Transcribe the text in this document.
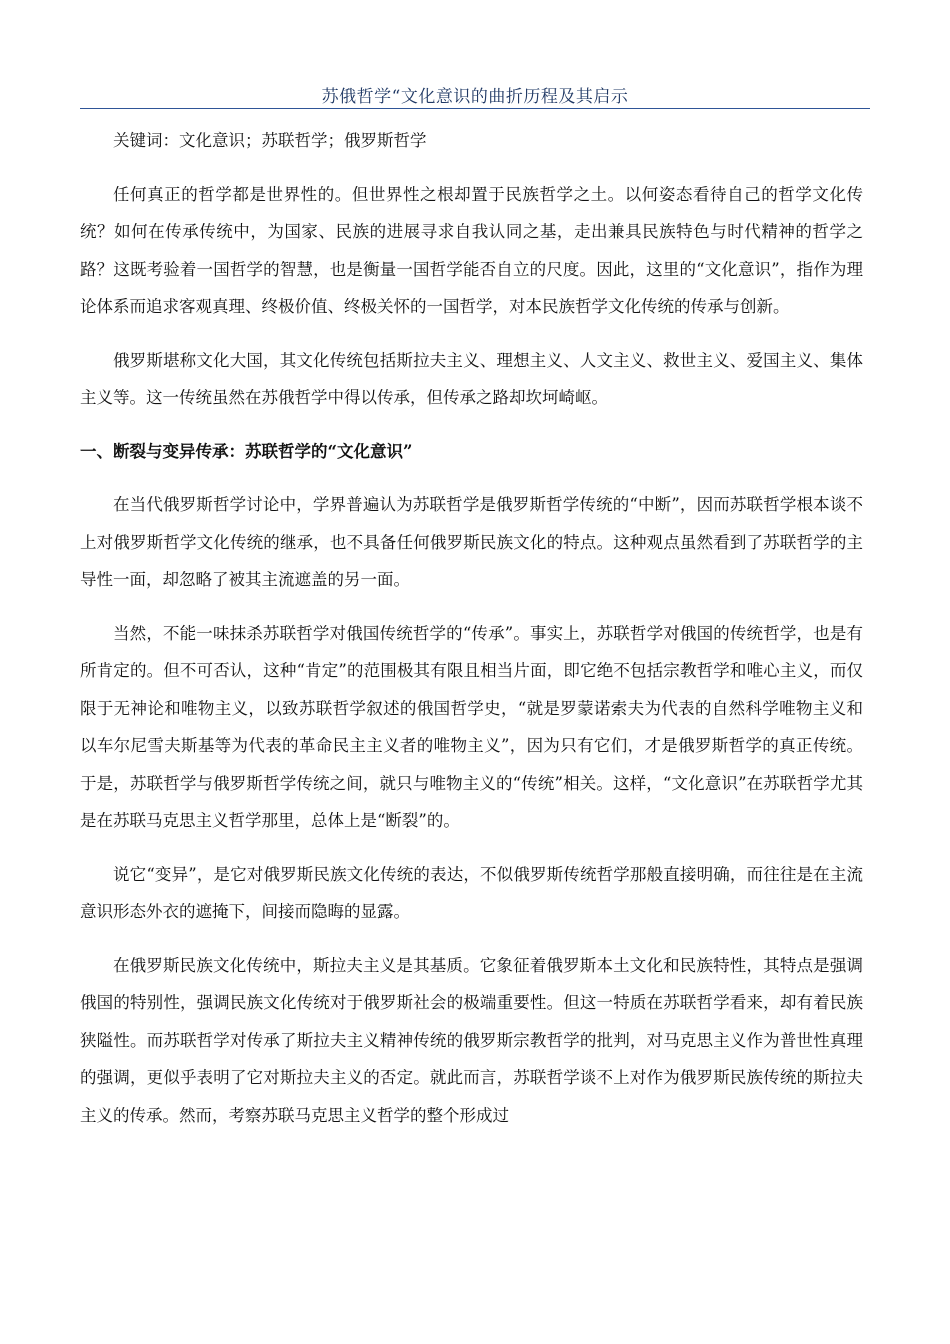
苏俄哲学“文化意识的曲折历程及其启示

关键词：文化意识；苏联哲学；俄罗斯哲学

任何真正的哲学都是世界性的。但世界性之根却置于民族哲学之土。以何姿态看待自己的哲学文化传统？如何在传承传统中，为国家、民族的进展寻求自我认同之基，走出兼具民族特色与时代精神的哲学之路？这既考验着一国哲学的智慧，也是衡量一国哲学能否自立的尺度。因此，这里的“文化意识”，指作为理论体系而追求客观真理、终极价值、终极关怀的一国哲学，对本民族哲学文化传统的传承与创新。

俄罗斯堪称文化大国，其文化传统包括斯拉夫主义、理想主义、人文主义、救世主义、爱国主义、集体主义等。这一传统虽然在苏俄哲学中得以传承，但传承之路却坎坷崎岖。

一、断裂与变异传承：苏联哲学的“文化意识”

在当代俄罗斯哲学讨论中，学界普遍认为苏联哲学是俄罗斯哲学传统的“中断”，因而苏联哲学根本谈不上对俄罗斯哲学文化传统的继承，也不具备任何俄罗斯民族文化的特点。这种观点虽然看到了苏联哲学的主导性一面，却忽略了被其主流遮盖的另一面。

当然，不能一味抹杀苏联哲学对俄国传统哲学的“传承”。事实上，苏联哲学对俄国的传统哲学，也是有所肯定的。但不可否认，这种“肯定”的范围极其有限且相当片面，即它绝不包括宗教哲学和唯心主义，而仅限于无神论和唯物主义，以致苏联哲学叙述的俄国哲学史，“就是罗蒙诺索夫为代表的自然科学唯物主义和以车尔尼雪夫斯基等为代表的革命民主主义者的唯物主义”，因为只有它们，才是俄罗斯哲学的真正传统。于是，苏联哲学与俄罗斯哲学传统之间，就只与唯物主义的“传统”相关。这样，“文化意识”在苏联哲学尤其是在苏联马克思主义哲学那里，总体上是“断裂”的。

说它“变异”，是它对俄罗斯民族文化传统的表达，不似俄罗斯传统哲学那般直接明确，而往往是在主流意识形态外衣的遮掩下，间接而隐晦的显露。

在俄罗斯民族文化传统中，斯拉夫主义是其基质。它象征着俄罗斯本土文化和民族特性，其特点是强调俄国的特别性，强调民族文化传统对于俄罗斯社会的极端重要性。但这一特质在苏联哲学看来，却有着民族狭隘性。而苏联哲学对传承了斯拉夫主义精神传统的俄罗斯宗教哲学的批判，对马克思主义作为普世性真理的强调，更似乎表明了它对斯拉夫主义的否定。就此而言，苏联哲学谈不上对作为俄罗斯民族传统的斯拉夫主义的传承。然而，考察苏联马克思主义哲学的整个形成过
